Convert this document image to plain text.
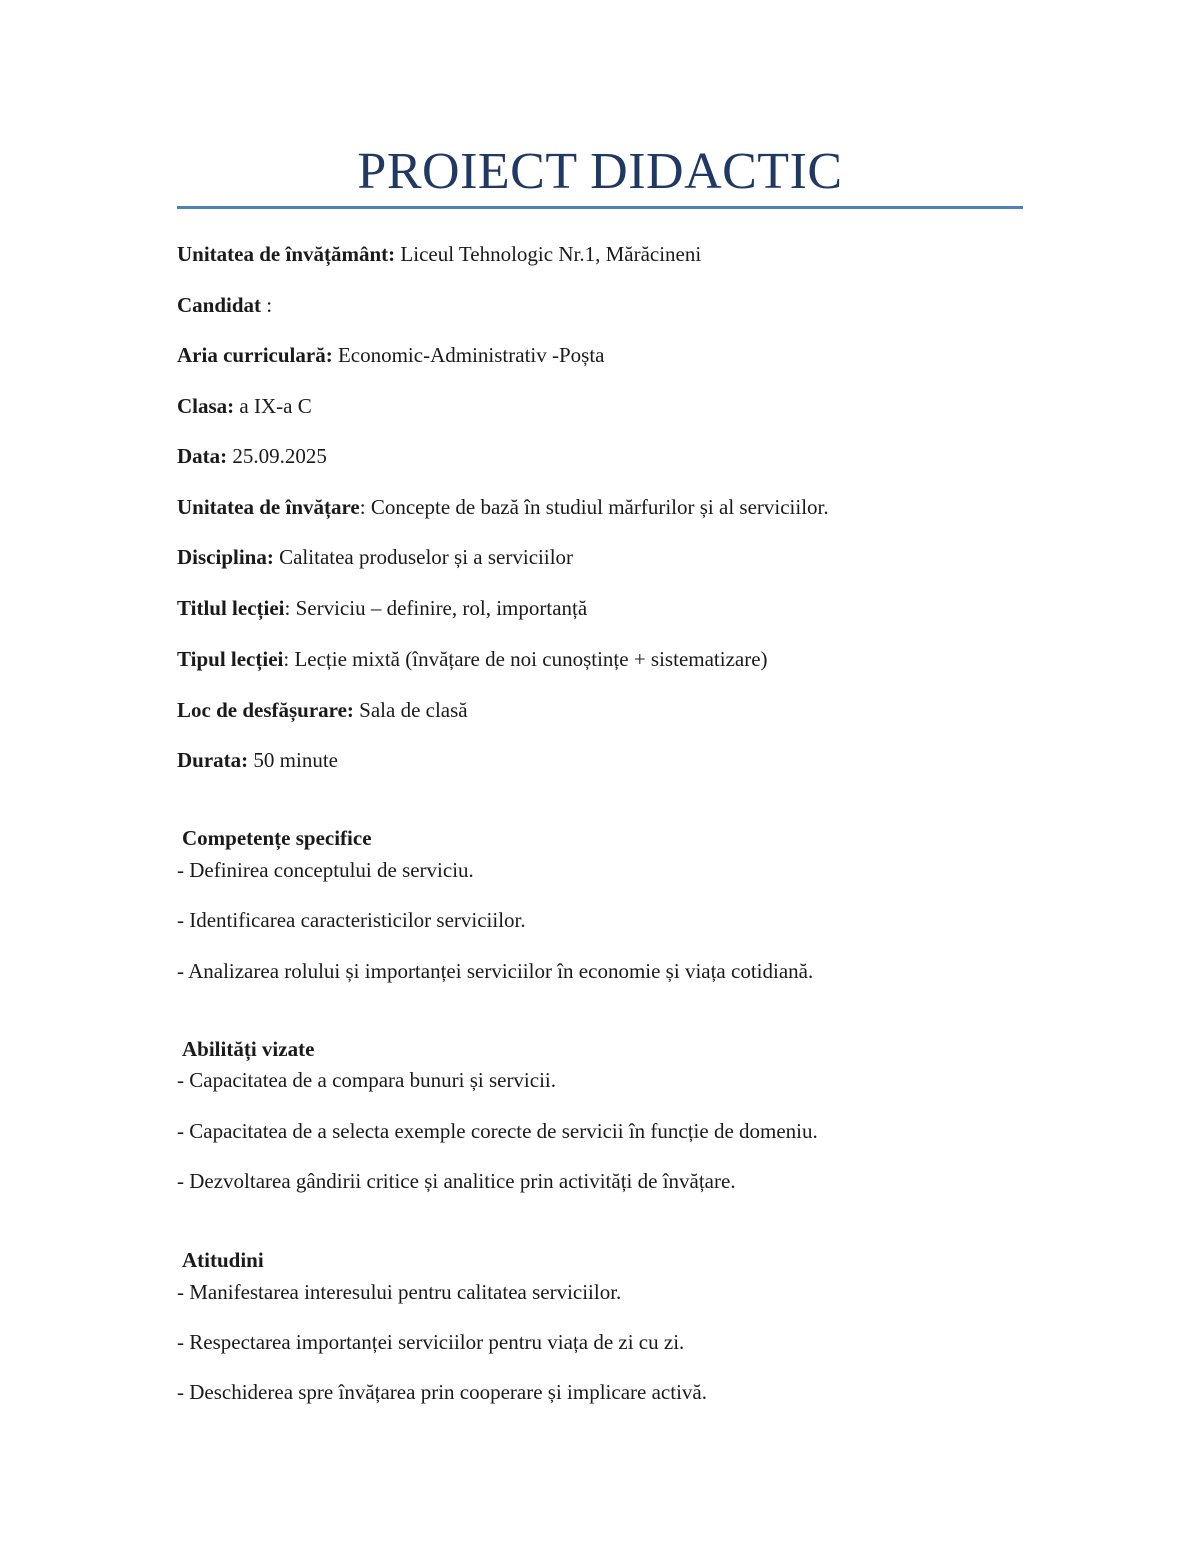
PROIECT DIDACTIC

Unitatea de învățământ: Liceul Tehnologic Nr.1, Mărăcineni

Candidat :

Aria curriculară: Economic-Administrativ -Poșta

Clasa: a IX-a C

Data: 25.09.2025

Unitatea de învățare: Concepte de bază în studiul mărfurilor și al serviciilor.

Disciplina: Calitatea produselor și a serviciilor

Titlul lecției: Serviciu – definire, rol, importanță

Tipul lecției: Lecție mixtă (învățare de noi cunoștințe + sistematizare)

Loc de desfășurare: Sala de clasă

Durata: 50 minute

Competențe specifice

- Definirea conceptului de serviciu.

- Identificarea caracteristicilor serviciilor.

- Analizarea rolului și importanței serviciilor în economie și viața cotidiană.

Abilități vizate

- Capacitatea de a compara bunuri și servicii.

- Capacitatea de a selecta exemple corecte de servicii în funcție de domeniu.

- Dezvoltarea gândirii critice și analitice prin activități de învățare.

Atitudini

- Manifestarea interesului pentru calitatea serviciilor.

- Respectarea importanței serviciilor pentru viața de zi cu zi.

- Deschiderea spre învățarea prin cooperare și implicare activă.
